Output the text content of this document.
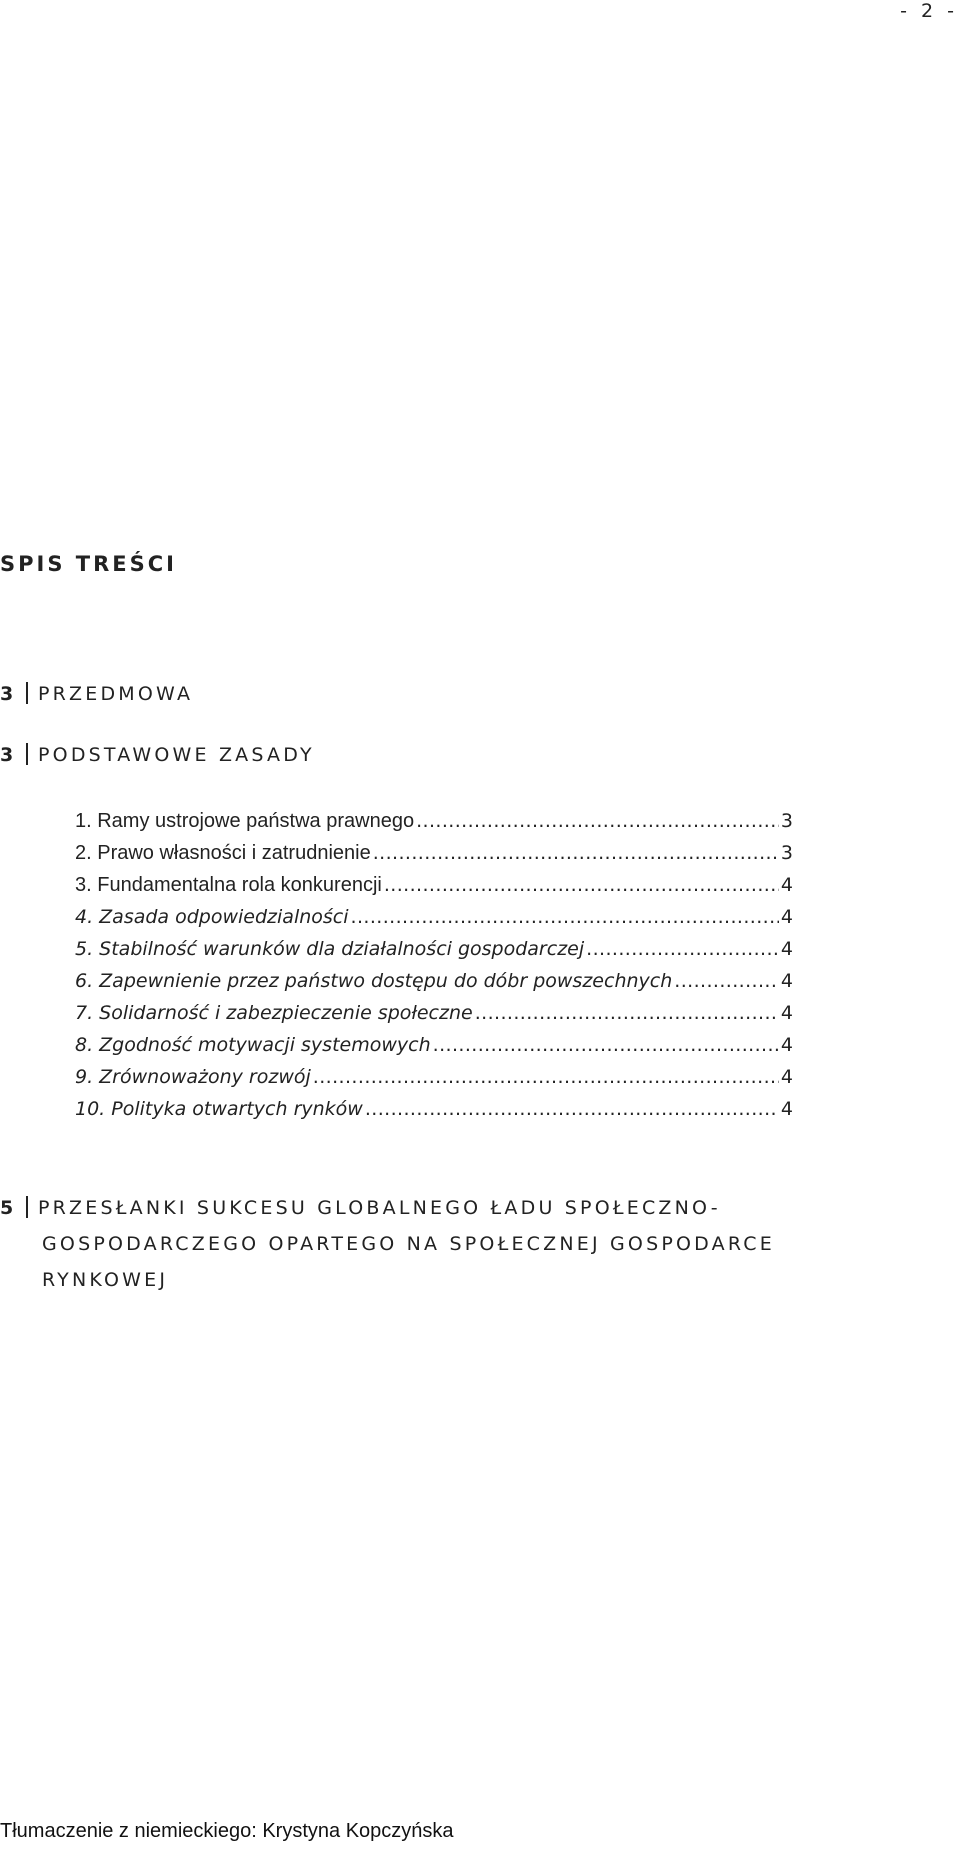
- 2 -
SPIS TREŚCI
3 PRZEDMOWA
3 PODSTAWOWE ZASADY
1. Ramy ustrojowe państwa prawnego .....	3
2. Prawo własności i zatrudnienie .....	3
3. Fundamentalna rola konkurencji .....	4
4. Zasada odpowiedzialności .....	4
5. Stabilność warunków dla działalności gospodarczej .....	4
6. Zapewnienie przez państwo dostępu do dóbr powszechnych .....	4
7. Solidarność i zabezpieczenie społeczne .....	4
8. Zgodność motywacji systemowych .....	4
9. Zrównoważony rozwój .....	4
10. Polityka otwartych rynków .....	4
5 PRZESŁANKI SUKCESU GLOBALNEGO ŁADU SPOŁECZNO-
GOSPODARCZEGO OPARTEGO NA SPOŁECZNEJ GOSPODARCE
RYNKOWEJ
Tłumaczenie z niemieckiego: Krystyna Kopczyńska
